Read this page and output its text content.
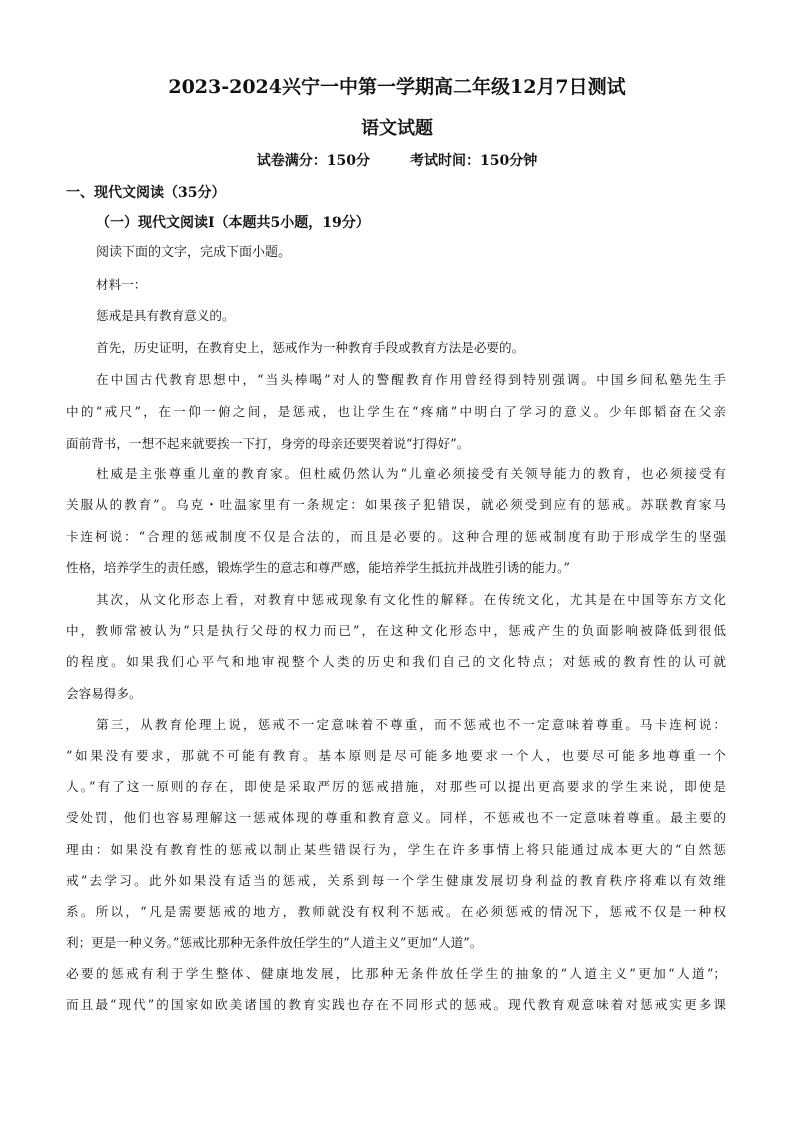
2023-2024兴宁一中第一学期高二年级12月7日测试
语文试题
试卷满分：150分	考试时间：150分钟
一、现代文阅读（35分）
（一）现代文阅读Ⅰ（本题共5小题，19分）
阅读下面的文字，完成下面小题。
材料一：
惩戒是具有教育意义的。
首先，历史证明，在教育史上，惩戒作为一种教育手段或教育方法是必要的。
在中国古代教育思想中，“当头棒喝”对人的警醒教育作用曾经得到特别强调。中国乡间私塾先生手
中的“戒尺”，在一仰一俯之间，是惩戒，也让学生在“疼痛”中明白了学习的意义。少年郎韬奋在父亲
面前背书，一想不起来就要挨一下打，身旁的母亲还要哭着说“打得好”。
杜威是主张尊重儿童的教育家。但杜威仍然认为“儿童必须接受有关领导能力的教育，也必须接受有
关服从的教育”。乌克・吐温家里有一条规定：如果孩子犯错误，就必须受到应有的惩戒。苏联教育家马
卡连柯说：“合理的惩戒制度不仅是合法的，而且是必要的。这种合理的惩戒制度有助于形成学生的坚强
性格，培养学生的责任感，锻炼学生的意志和尊严感，能培养学生抵抗并战胜引诱的能力。”
其次，从文化形态上看，对教育中惩戒现象有文化性的解释。在传统文化，尤其是在中国等东方文化
中，教师常被认为“只是执行父母的权力而已”，在这种文化形态中，惩戒产生的负面影响被降低到很低
的程度。如果我们心平气和地审视整个人类的历史和我们自己的文化特点；对惩戒的教育性的认可就
会容易得多。
第三，从教育伦理上说，惩戒不一定意味着不尊重，而不惩戒也不一定意味着尊重。马卡连柯说：
“如果没有要求，那就不可能有教育。基本原则是尽可能多地要求一个人，也要尽可能多地尊重一个
人。”有了这一原则的存在，即使是采取严厉的惩戒措施，对那些可以提出更高要求的学生来说，即使是
受处罚，他们也容易理解这一惩戒体现的尊重和教育意义。同样，不惩戒也不一定意味着尊重。最主要的
理由：如果没有教育性的惩戒以制止某些错误行为，学生在许多事情上将只能通过成本更大的“自然惩
戒”去学习。此外如果没有适当的惩戒，关系到每一个学生健康发展切身利益的教育秩序将难以有效维
系。所以，“凡是需要惩戒的地方，教师就没有权利不惩戒。在必须惩戒的情况下，惩戒不仅是一种权
利；更是一种义务。”惩戒比那种无条件放任学生的“人道主义”更加“人道”。
必要的惩戒有利于学生整体、健康地发展，比那种无条件放任学生的抽象的“人道主义”更加“人道”；
而且最“现代”的国家如欧美诸国的教育实践也存在不同形式的惩戒。现代教育观意味着对惩戒实更多课
